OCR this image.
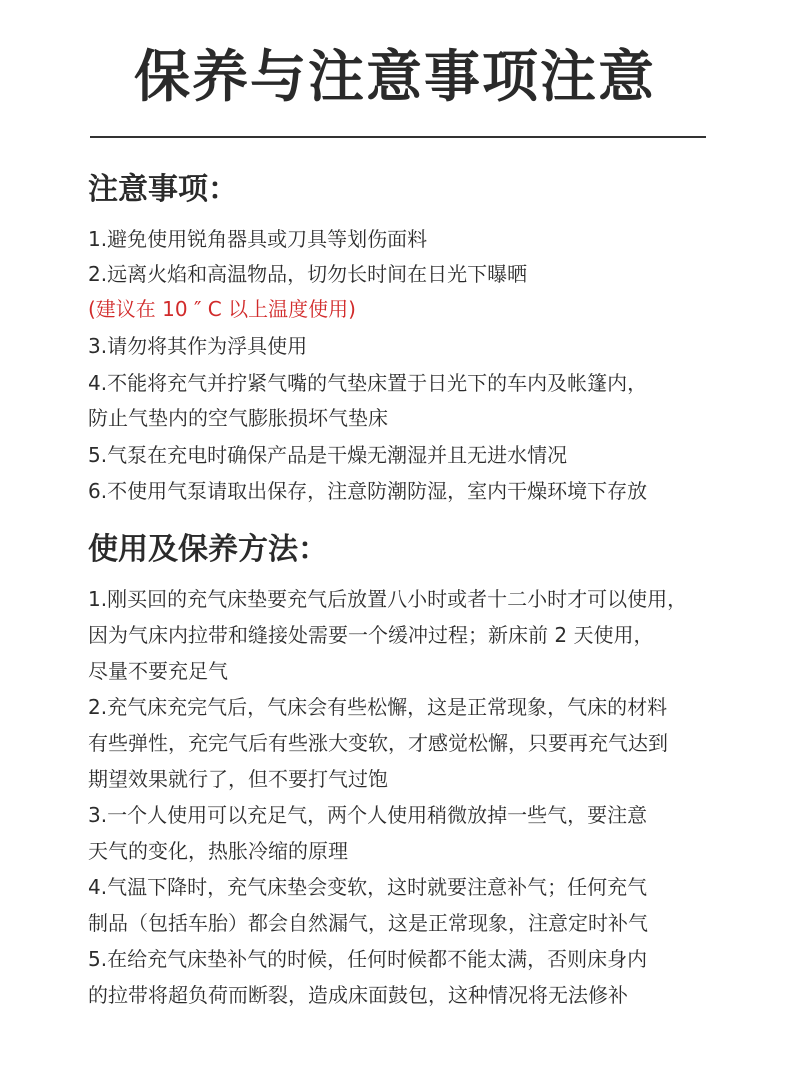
保养与注意事项注意
注意事项：
1.避免使用锐角器具或刀具等划伤面料
2.远离火焰和高温物品，切勿长时间在日光下曝晒
(建议在 10 ″ C 以上温度使用)
3.请勿将其作为浮具使用
4.不能将充气并拧紧气嘴的气垫床置于日光下的车内及帐篷内，
防止气垫内的空气膨胀损坏气垫床
5.气泵在充电时确保产品是干燥无潮湿并且无进水情况
6.不使用气泵请取出保存，注意防潮防湿，室内干燥环境下存放
使用及保养方法：
1.刚买回的充气床垫要充气后放置八小时或者十二小时才可以使用，
因为气床内拉带和缝接处需要一个缓冲过程；新床前 2 天使用，
尽量不要充足气
2.充气床充完气后，气床会有些松懈，这是正常现象，气床的材料
有些弹性，充完气后有些涨大变软，才感觉松懈，只要再充气达到
期望效果就行了，但不要打气过饱
3.一个人使用可以充足气，两个人使用稍微放掉一些气，要注意
天气的变化，热胀冷缩的原理
4.气温下降时，充气床垫会变软，这时就要注意补气；任何充气
制品（包括车胎）都会自然漏气，这是正常现象，注意定时补气
5.在给充气床垫补气的时候，任何时候都不能太满，否则床身内
的拉带将超负荷而断裂，造成床面鼓包，这种情况将无法修补
